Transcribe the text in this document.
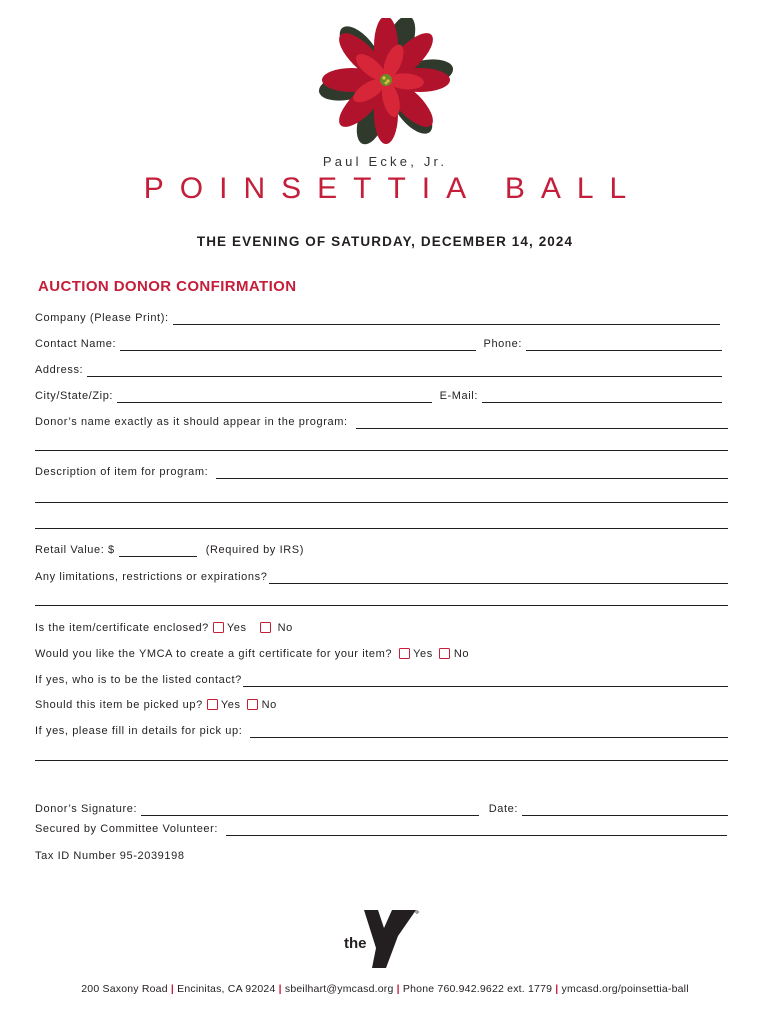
Paul Ecke, Jr.
POINSETTIA BALL
THE EVENING OF SATURDAY, DECEMBER 14, 2024
AUCTION DONOR CONFIRMATION
Company (Please Print):
Contact Name:	Phone:
Address:
City/State/Zip:	E-Mail:
Donor’s name exactly as it should appear in the program:
Description of item for program:
Retail Value: $	(Required by IRS)
Any limitations, restrictions or expirations?
Is the item/certificate enclosed? Yes	No
Would you like the YMCA to create a gift certificate for your item? Yes No
If yes, who is to be the listed contact?
Should this item be picked up? Yes No
If yes, please fill in details for pick up:
Donor’s Signature:	Date:
Secured by Committee Volunteer:
Tax ID Number 95-2039198
the
YMCA
200 Saxony Road | Encinitas, CA 92024 | sbeilhart@ymcasd.org | Phone 760.942.9622 ext. 1779 | ymcasd.org/poinsettia-ball
